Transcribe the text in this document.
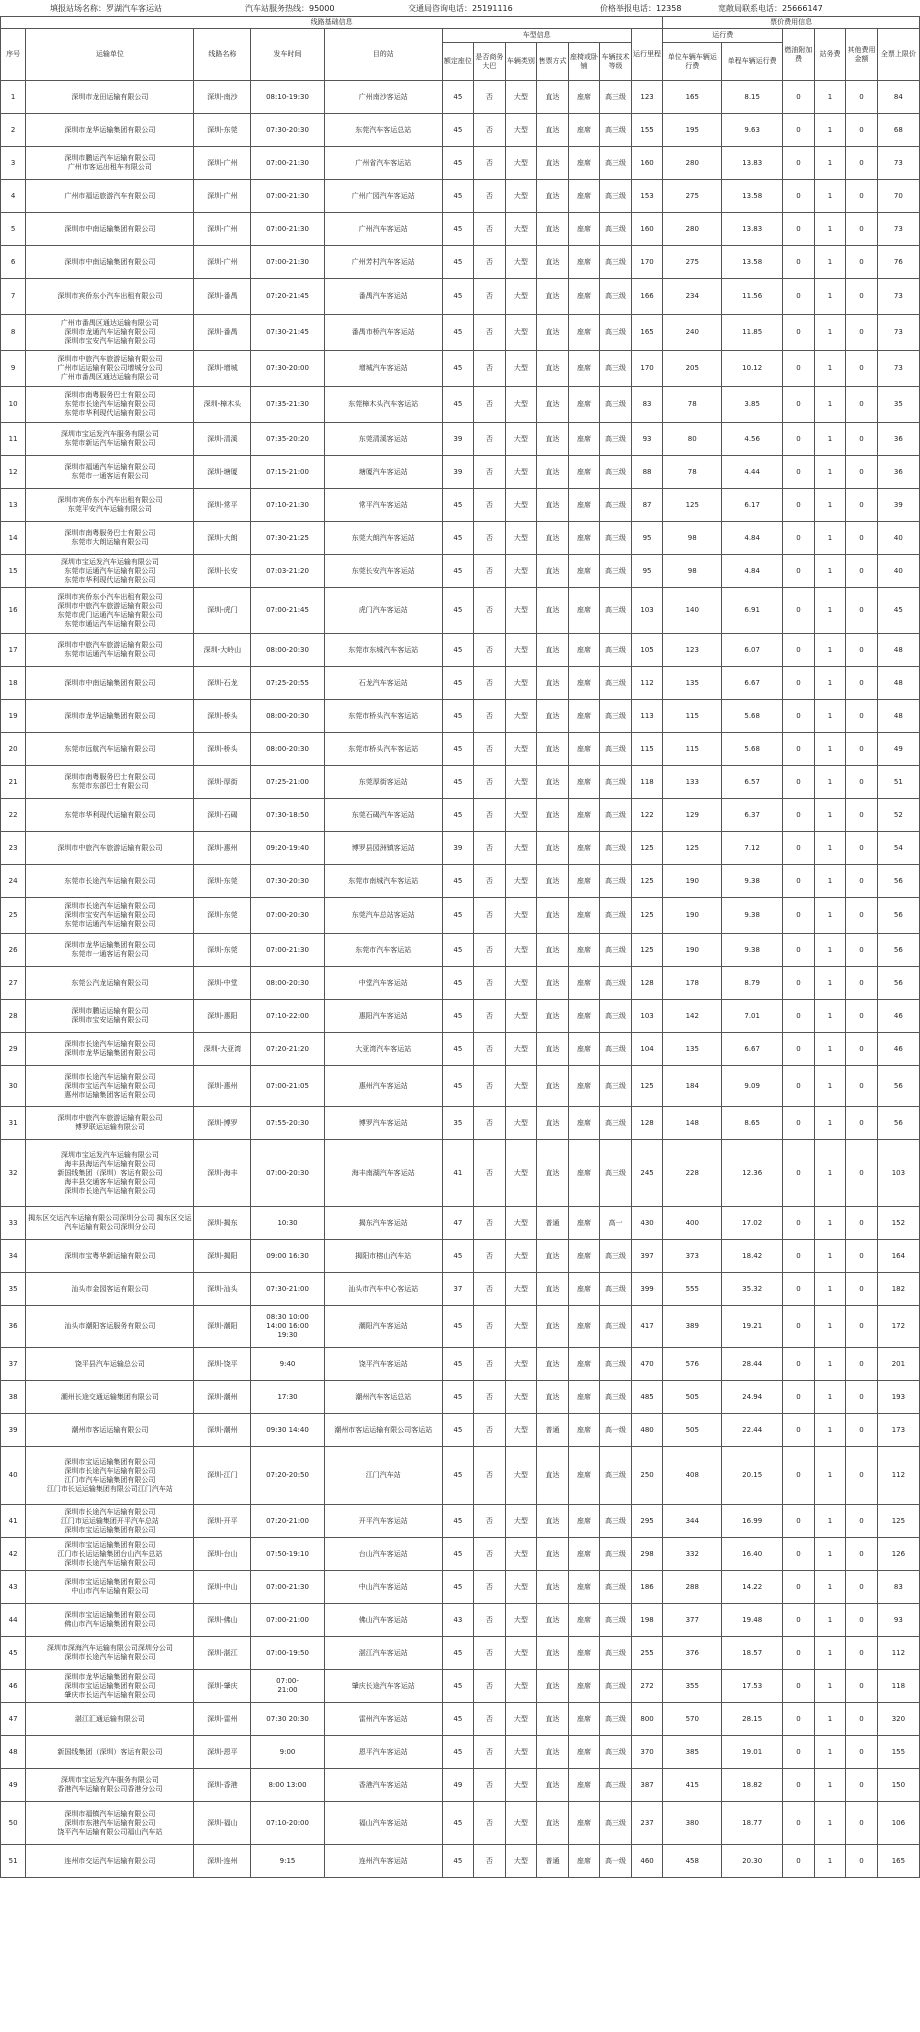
填报站场名称：罗湖汽车客运站	汽车站服务热线：95000	交通局咨询电话：25191116	价格举报电话：12358	宽敞局联系电话：25666147
线路基础信息												票价费用信息					
序号	运输单位	线路名称	发车时间	目的站	车型信息						运行里程	运行费		燃油附加费	站务费	其他费用金额	全票上限价
					额定座位	是否商务大巴	车辆类别	售票方式	座椅或卧铺	车辆技术等级		单位车辆车辆运行费	单程车辆运行费				
1	深圳市龙田运输有限公司	深圳-南沙	08:10-19:30	广州南沙客运站	45	否	大型	直达	座席	高三级	123	165	8.15	0	1	0	84
2	深圳市龙华运输集团有限公司	深圳-东莞	07:30-20:30	东莞汽车客运总站	45	否	大型	直达	座席	高三级	155	195	9.63	0	1	0	68
3	深圳市鹏运汽车运输有限公司
广州市客运出租车有限公司	深圳-广州	07:00-21:30	广州省汽车客运站	45	否	大型	直达	座席	高三级	160	280	13.83	0	1	0	73
4	广州市福运旅游汽车有限公司	深圳-广州	07:00-21:30	广州广园汽车客运站	45	否	大型	直达	座席	高三级	153	275	13.58	0	1	0	70
5	深圳市中南运输集团有限公司	深圳-广州	07:00-21:30	广州汽车客运站	45	否	大型	直达	座席	高三级	160	280	13.83	0	1	0	73
6	深圳市中南运输集团有限公司	深圳-广州	07:00-21:30	广州芳村汽车客运站	45	否	大型	直达	座席	高三级	170	275	13.58	0	1	0	76
7	深圳市宾侨东小汽车出租有限公司	深圳-番禺	07:20-21:45	番禺汽车客运站	45	否	大型	直达	座席	高三级	166	234	11.56	0	1	0	73
8	广州市番禺区通达运输有限公司
深圳市龙通汽车运输有限公司
深圳市宝安汽车运输有限公司	深圳-番禺	07:30-21:45	番禺市桥汽车客运站	45	否	大型	直达	座席	高三级	165	240	11.85	0	1	0	73
9	深圳市中旅汽车旅游运输有限公司
广州市运运输有限公司增城分公司
广州市番禺区通达运输有限公司	深圳-增城	07:30-20:00	增城汽车客运站	45	否	大型	直达	座席	高三级	170	205	10.12	0	1	0	73
10	深圳市南粤服务巴士有限公司
东莞市长途汽车运输有限公司
东莞市华利现代运输有限公司	深圳-樟木头	07:35-21:30	东莞樟木头汽车客运站	45	否	大型	直达	座席	高三级	83	78	3.85	0	1	0	35
11	深圳市宝运发汽车服务有限公司
东莞市新运汽车运输有限公司	深圳-清溪	07:35-20:20	东莞清溪客运站	39	否	大型	直达	座席	高三级	93	80	4.56	0	1	0	36
12	深圳市福通汽车运输有限公司
东莞市一通客运有限公司	深圳-塘厦	07:15-21:00	塘厦汽车客运站	39	否	大型	直达	座席	高三级	88	78	4.44	0	1	0	36
13	深圳市宾侨东小汽车出租有限公司
东莞平安汽车运输有限公司	深圳-常平	07:10-21:30	常平汽车客运站	45	否	大型	直达	座席	高三级	87	125	6.17	0	1	0	39
14	深圳市南粤服务巴士有限公司
东莞市大朗运输有限公司	深圳-大朗	07:30-21:25	东莞大朗汽车客运站	45	否	大型	直达	座席	高三级	95	98	4.84	0	1	0	40
15	深圳市宝运发汽车运输有限公司
东莞市运通汽车运输有限公司
东莞市华利现代运输有限公司	深圳-长安	07:03-21:20	东莞长安汽车客运站	45	否	大型	直达	座席	高三级	95	98	4.84	0	1	0	40
16	深圳市宾侨东小汽车出租有限公司
深圳市中旅汽车旅游运输有限公司
东莞市虎门运通汽车运输有限公司
东莞市通运汽车运输有限公司	深圳-虎门	07:00-21:45	虎门汽车客运站	45	否	大型	直达	座席	高三级	103	140	6.91	0	1	0	45
17	深圳市中旅汽车旅游运输有限公司
东莞市运通汽车运输有限公司	深圳-大岭山	08:00-20:30	东莞市东城汽车客运站	45	否	大型	直达	座席	高三级	105	123	6.07	0	1	0	48
18	深圳市中南运输集团有限公司	深圳-石龙	07:25-20:55	石龙汽车客运站	45	否	大型	直达	座席	高三级	112	135	6.67	0	1	0	48
19	深圳市龙华运输集团有限公司	深圳-桥头	08:00-20:30	东莞市桥头汽车客运站	45	否	大型	直达	座席	高三级	113	115	5.68	0	1	0	48
20	东莞市远航汽车运输有限公司	深圳-桥头	08:00-20:30	东莞市桥头汽车客运站	45	否	大型	直达	座席	高三级	115	115	5.68	0	1	0	49
21	深圳市南粤服务巴士有限公司
东莞市东部巴士有限公司	深圳-厚街	07:25-21:00	东莞厚街客运站	45	否	大型	直达	座席	高三级	118	133	6.57	0	1	0	51
22	东莞市华利现代运输有限公司	深圳-石碣	07:30-18:50	东莞石碣汽车客运站	45	否	大型	直达	座席	高三级	122	129	6.37	0	1	0	52
23	深圳市中旅汽车旅游运输有限公司	深圳-惠州	09:20-19:40	博罗县园洲镇客运站	39	否	大型	直达	座席	高三级	125	125	7.12	0	1	0	54
24	东莞市长途汽车运输有限公司	深圳-东莞	07:30-20:30	东莞市南城汽车客运站	45	否	大型	直达	座席	高三级	125	190	9.38	0	1	0	56
25	深圳市长途汽车运输有限公司
深圳市宝安汽车运输有限公司
东莞市运通汽车运输有限公司	深圳-东莞	07:00-20:30	东莞汽车总站客运站	45	否	大型	直达	座席	高三级	125	190	9.38	0	1	0	56
26	深圳市龙华运输集团有限公司
东莞市一通客运有限公司	深圳-东莞	07:00-21:30	东莞市汽车客运站	45	否	大型	直达	座席	高三级	125	190	9.38	0	1	0	56
27	东莞公汽龙运输有限公司	深圳-中堂	08:00-20:30	中堂汽车客运站	45	否	大型	直达	座席	高三级	128	178	8.79	0	1	0	56
28	深圳市鹏运运输有限公司
深圳市宝安运输有限公司	深圳-惠阳	07:10-22:00	惠阳汽车客运站	45	否	大型	直达	座席	高三级	103	142	7.01	0	1	0	46
29	深圳市长途汽车运输有限公司
深圳市龙华运输集团有限公司	深圳-大亚湾	07:20-21:20	大亚湾汽车客运站	45	否	大型	直达	座席	高三级	104	135	6.67	0	1	0	46
30	深圳市长途汽车运输有限公司
深圳市宝运汽车运输有限公司
惠州市运输集团客运有限公司	深圳-惠州	07:00-21:05	惠州汽车客运站	45	否	大型	直达	座席	高三级	125	184	9.09	0	1	0	56
31	深圳市中旅汽车旅游运输有限公司
博罗联运运输有限公司	深圳-博罗	07:55-20:30	博罗汽车客运站	35	否	大型	直达	座席	高三级	128	148	8.65	0	1	0	56
32	深圳市宝运发汽车运输有限公司
海丰县海运汽车运输有限公司
新国线集团（深圳）客运有限公司
海丰县交通客车运输有限公司
深圳市长途汽车运输有限公司	深圳-海丰	07:00-20:30	海丰南湖汽车客运站	41	否	大型	直达	座席	高三级	245	228	12.36	0	1	0	103
33	揭东区交运汽车运输有限公司深圳分公司 揭东区交运汽车运输有限公司深圳分公司	深圳-揭东	10:30	揭东汽车客运站	47	否	大型	普通	座席	高一	430	400	17.02	0	1	0	152
34	深圳市宝粤华新运输有限公司	深圳-揭阳	09:00 16:30	揭阳市榕山汽车站	45	否	大型	直达	座席	高三级	397	373	18.42	0	1	0	164
35	汕头市金园客运有限公司	深圳-汕头	07:30-21:00	汕头市汽车中心客运站	37	否	大型	直达	座席	高三级	399	555	35.32	0	1	0	182
36	汕头市潮阳客运服务有限公司	深圳-潮阳	08:30 10:00
14:00 16:00
19:30	潮阳汽车客运站	45	否	大型	直达	座席	高三级	417	389	19.21	0	1	0	172
37	饶平县汽车运输总公司	深圳-饶平	9:40	饶平汽车客运站	45	否	大型	直达	座席	高三级	470	576	28.44	0	1	0	201
38	潮州长途交通运输集团有限公司	深圳-潮州	17:30	潮州汽车客运总站	45	否	大型	直达	座席	高三级	485	505	24.94	0	1	0	193
39	潮州市客运运输有限公司	深圳-潮州	09:30 14:40	潮州市客运运输有限公司客运站	45	否	大型	普通	座席	高一级	480	505	22.44	0	1	0	173
40	深圳市宝运运输集团有限公司
深圳市长途汽车运输有限公司
江门市汽车运输集团有限公司
江门市长运运输集团有限公司江门汽车站	深圳-江门	07:20-20:50	江门汽车站	45	否	大型	直达	座席	高三级	250	408	20.15	0	1	0	112
41	深圳市长途汽车运输有限公司
江门市运运输集团开平汽车总站
深圳市宝运运输集团有限公司	深圳-开平	07:20-21:00	开平汽车客运站	45	否	大型	直达	座席	高三级	295	344	16.99	0	1	0	125
42	深圳市宝运运输集团有限公司
江门市长运运输集团台山汽车总站
深圳市长途汽车运输有限公司	深圳-台山	07:50-19:10	台山汽车客运站	45	否	大型	直达	座席	高三级	298	332	16.40	0	1	0	126
43	深圳市宝运运输集团有限公司
中山市汽车运输有限公司	深圳-中山	07:00-21:30	中山汽车客运站	45	否	大型	直达	座席	高三级	186	288	14.22	0	1	0	83
44	深圳市宝运运输集团有限公司
佛山市汽车运输集团有限公司	深圳-佛山	07:00-21:00	佛山汽车客运站	43	否	大型	直达	座席	高三级	198	377	19.48	0	1	0	93
45	深圳市深海汽车运输有限公司深圳分公司
深圳市长途汽车运输有限公司	深圳-湛江	07:00-19:50	湛江汽车客运站	45	否	大型	直达	座席	高三级	255	376	18.57	0	1	0	112
46	深圳市龙华运输集团有限公司
深圳市宝运运输集团有限公司
肇庆市长运汽车运输有限公司	深圳-肇庆	07:00-
21:00	肇庆长途汽车客运站	45	否	大型	直达	座席	高三级	272	355	17.53	0	1	0	118
47	湛江汇通运输有限公司	深圳-雷州	07:30 20:30	雷州汽车客运站	45	否	大型	直达	座席	高三级	800	570	28.15	0	1	0	320
48	新国线集团（深圳）客运有限公司	深圳-恩平	9:00	恩平汽车客运站	45	否	大型	直达	座席	高三级	370	385	19.01	0	1	0	155
49	深圳市宝运发汽车服务有限公司
香港汽车运输有限公司香港分公司	深圳-香港	8:00 13:00	香港汽车客运站	49	否	大型	直达	座席	高三级	387	415	18.82	0	1	0	150
50	深圳市福镇汽车运输有限公司
深圳市东港汽车运输有限公司
饶平汽车运输有限公司福山汽车站	深圳-福山	07:10-20:00	福山汽车客运站	45	否	大型	直达	座席	高三级	237	380	18.77	0	1	0	106
51	连州市交运汽车运输有限公司	深圳-连州	9:15	连州汽车客运站	45	否	大型	普通	座席	高一级	460	458	20.30	0	1	0	165
